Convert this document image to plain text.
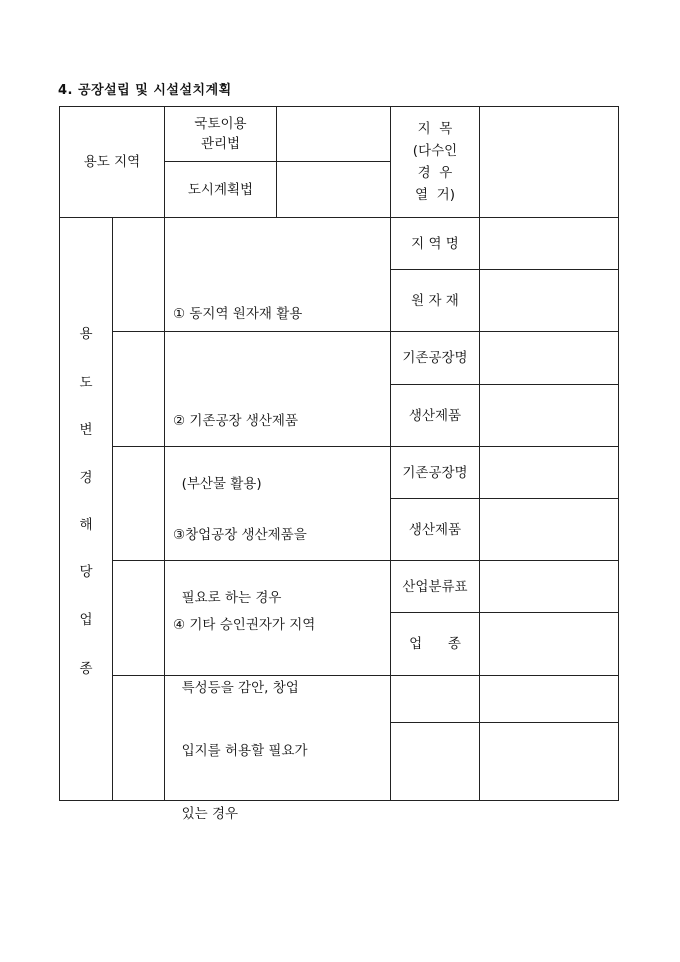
4. 공장설립 및 시설설치계획
용도 지역
국토이용
관리법
도시계획법
지  목
(다수인
경  우
열  거)
용
도
변
경
해
당
업
종

① 동지역 원자재 활용

지 역 명
원 자 재

② 기존공장 생산제품

(부산물 활용)

기존공장명
생산제품

③창업공장 생산제품을

필요로 하는 경우

기존공장명
생산제품

④ 기타 승인권자가 지역

특성등을 감안, 창업

입지를 허용할 필요가

있는 경우

산업분류표
업      종
